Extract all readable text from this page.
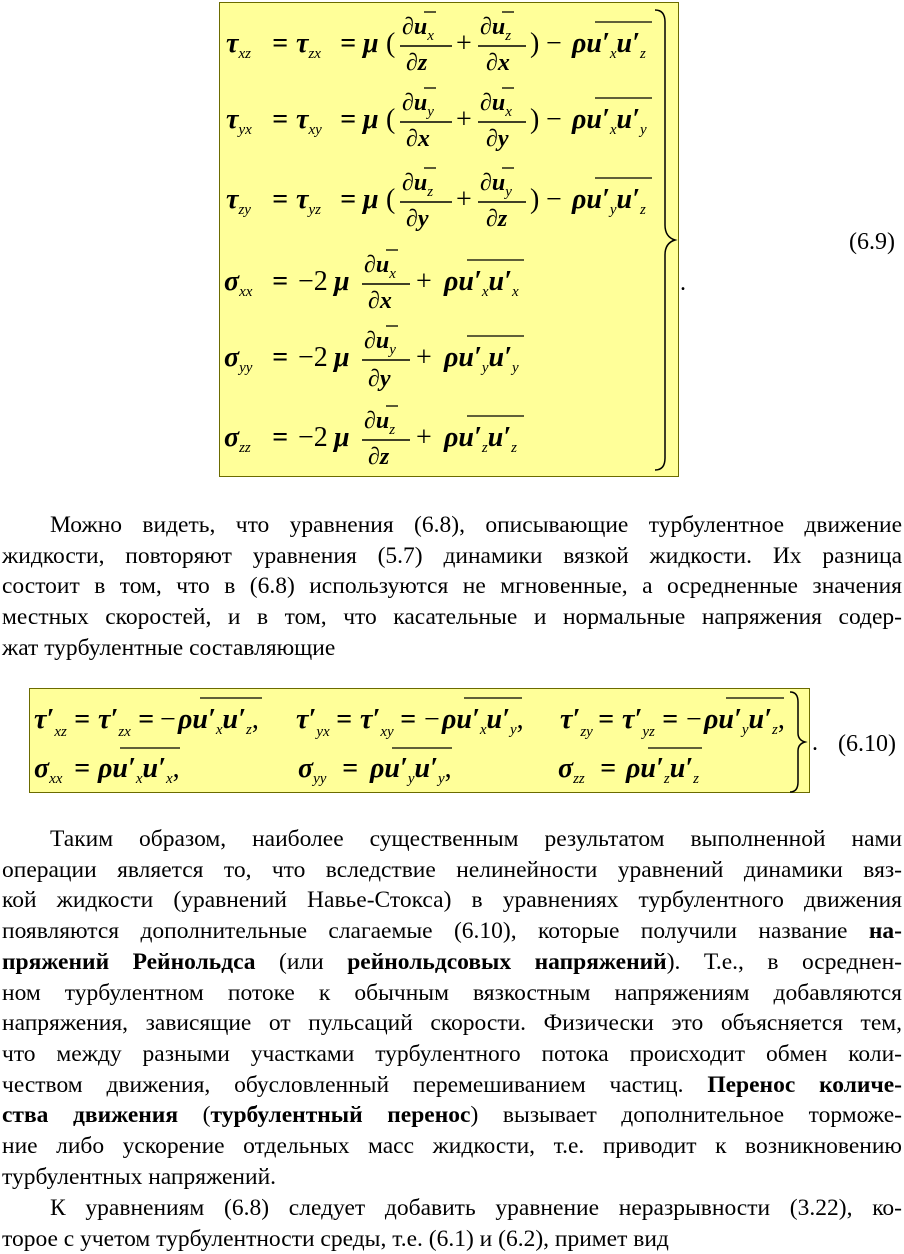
$\tau_{xz} = \tau_{zx} = \mu$ (
$\partial u_x$
∂z
+
$\partial u_z$
∂x
) − $\rho u'_xu'_z$
$\tau_{yx} = \tau_{xy} = \mu$ (
$\partial u_y$
∂x
+
$\partial u_x$
∂y
) − $\rho u'_xu'_y$
$\tau_{zy} = \tau_{yz} = \mu$ (
$\partial u_z$
∂y
+
$\partial u_y$
∂z
) − $\rho u'_yu'_z$
$\sigma_{xx} = -2$ μ
$\partial u_x$
∂x
+ $\rho u'_xu'_x$
$\sigma_{yy} = -2$ μ
$\partial u_y$
∂y
+ $\rho u'_yu'_y$
$\sigma_{zz} = -2$ μ
$\partial u_z$
∂z
+ $\rho u'_zu'_z$
.
(6.9)

Можно видеть, что уравнения (6.8), описывающие турбулентное движение
жидкости, повторяют уравнения (5.7) динамики вязкой жидкости. Их разница
состоит в том, что в (6.8) используются не мгновенные, а осредненные значения
местных скоростей, и в том, что касательные и нормальные напряжения содер-
жат турбулентные составляющие

$\tau'_{xz} = \tau'_{zx}$ = − $\rho u'_xu'_z$, $\tau'_{yx} = \tau'_{xy}$ = − $\rho u'_xu'_y$, $\tau'_{zy} = \tau'_{yz}$ = − $\rho u'_yu'_z$,
$\sigma_{xx} = \rho u'_xu'_x$,	$\sigma_{yy} = \rho u'_yu'_y$,	$\sigma_{zz} = \rho u'_zu'_z$
. (6.10)

Таким образом, наиболее существенным результатом выполненной нами
операции является то, что вследствие нелинейности уравнений динамики вяз-
кой жидкости (уравнений Навье-Стокса) в уравнениях турбулентного движения
появляются дополнительные слагаемые (6.10), которые получили название на-
пряжений Рейнольдса (или рейнольдсовых напряжений). Т.е., в осреднен-
ном турбулентном потоке к обычным вязкостным напряжениям добавляются
напряжения, зависящие от пульсаций скорости. Физически это объясняется тем,
что между разными участками турбулентного потока происходит обмен коли-
чеством движения, обусловленный перемешиванием частиц. Перенос количе-
ства движения (турбулентный перенос) вызывает дополнительное торможе-
ние либо ускорение отдельных масс жидкости, т.е. приводит к возникновению
турбулентных напряжений.

К уравнениям (6.8) следует добавить уравнение неразрывности (3.22), ко-
торое с учетом турбулентности среды, т.е. (6.1) и (6.2), примет вид
